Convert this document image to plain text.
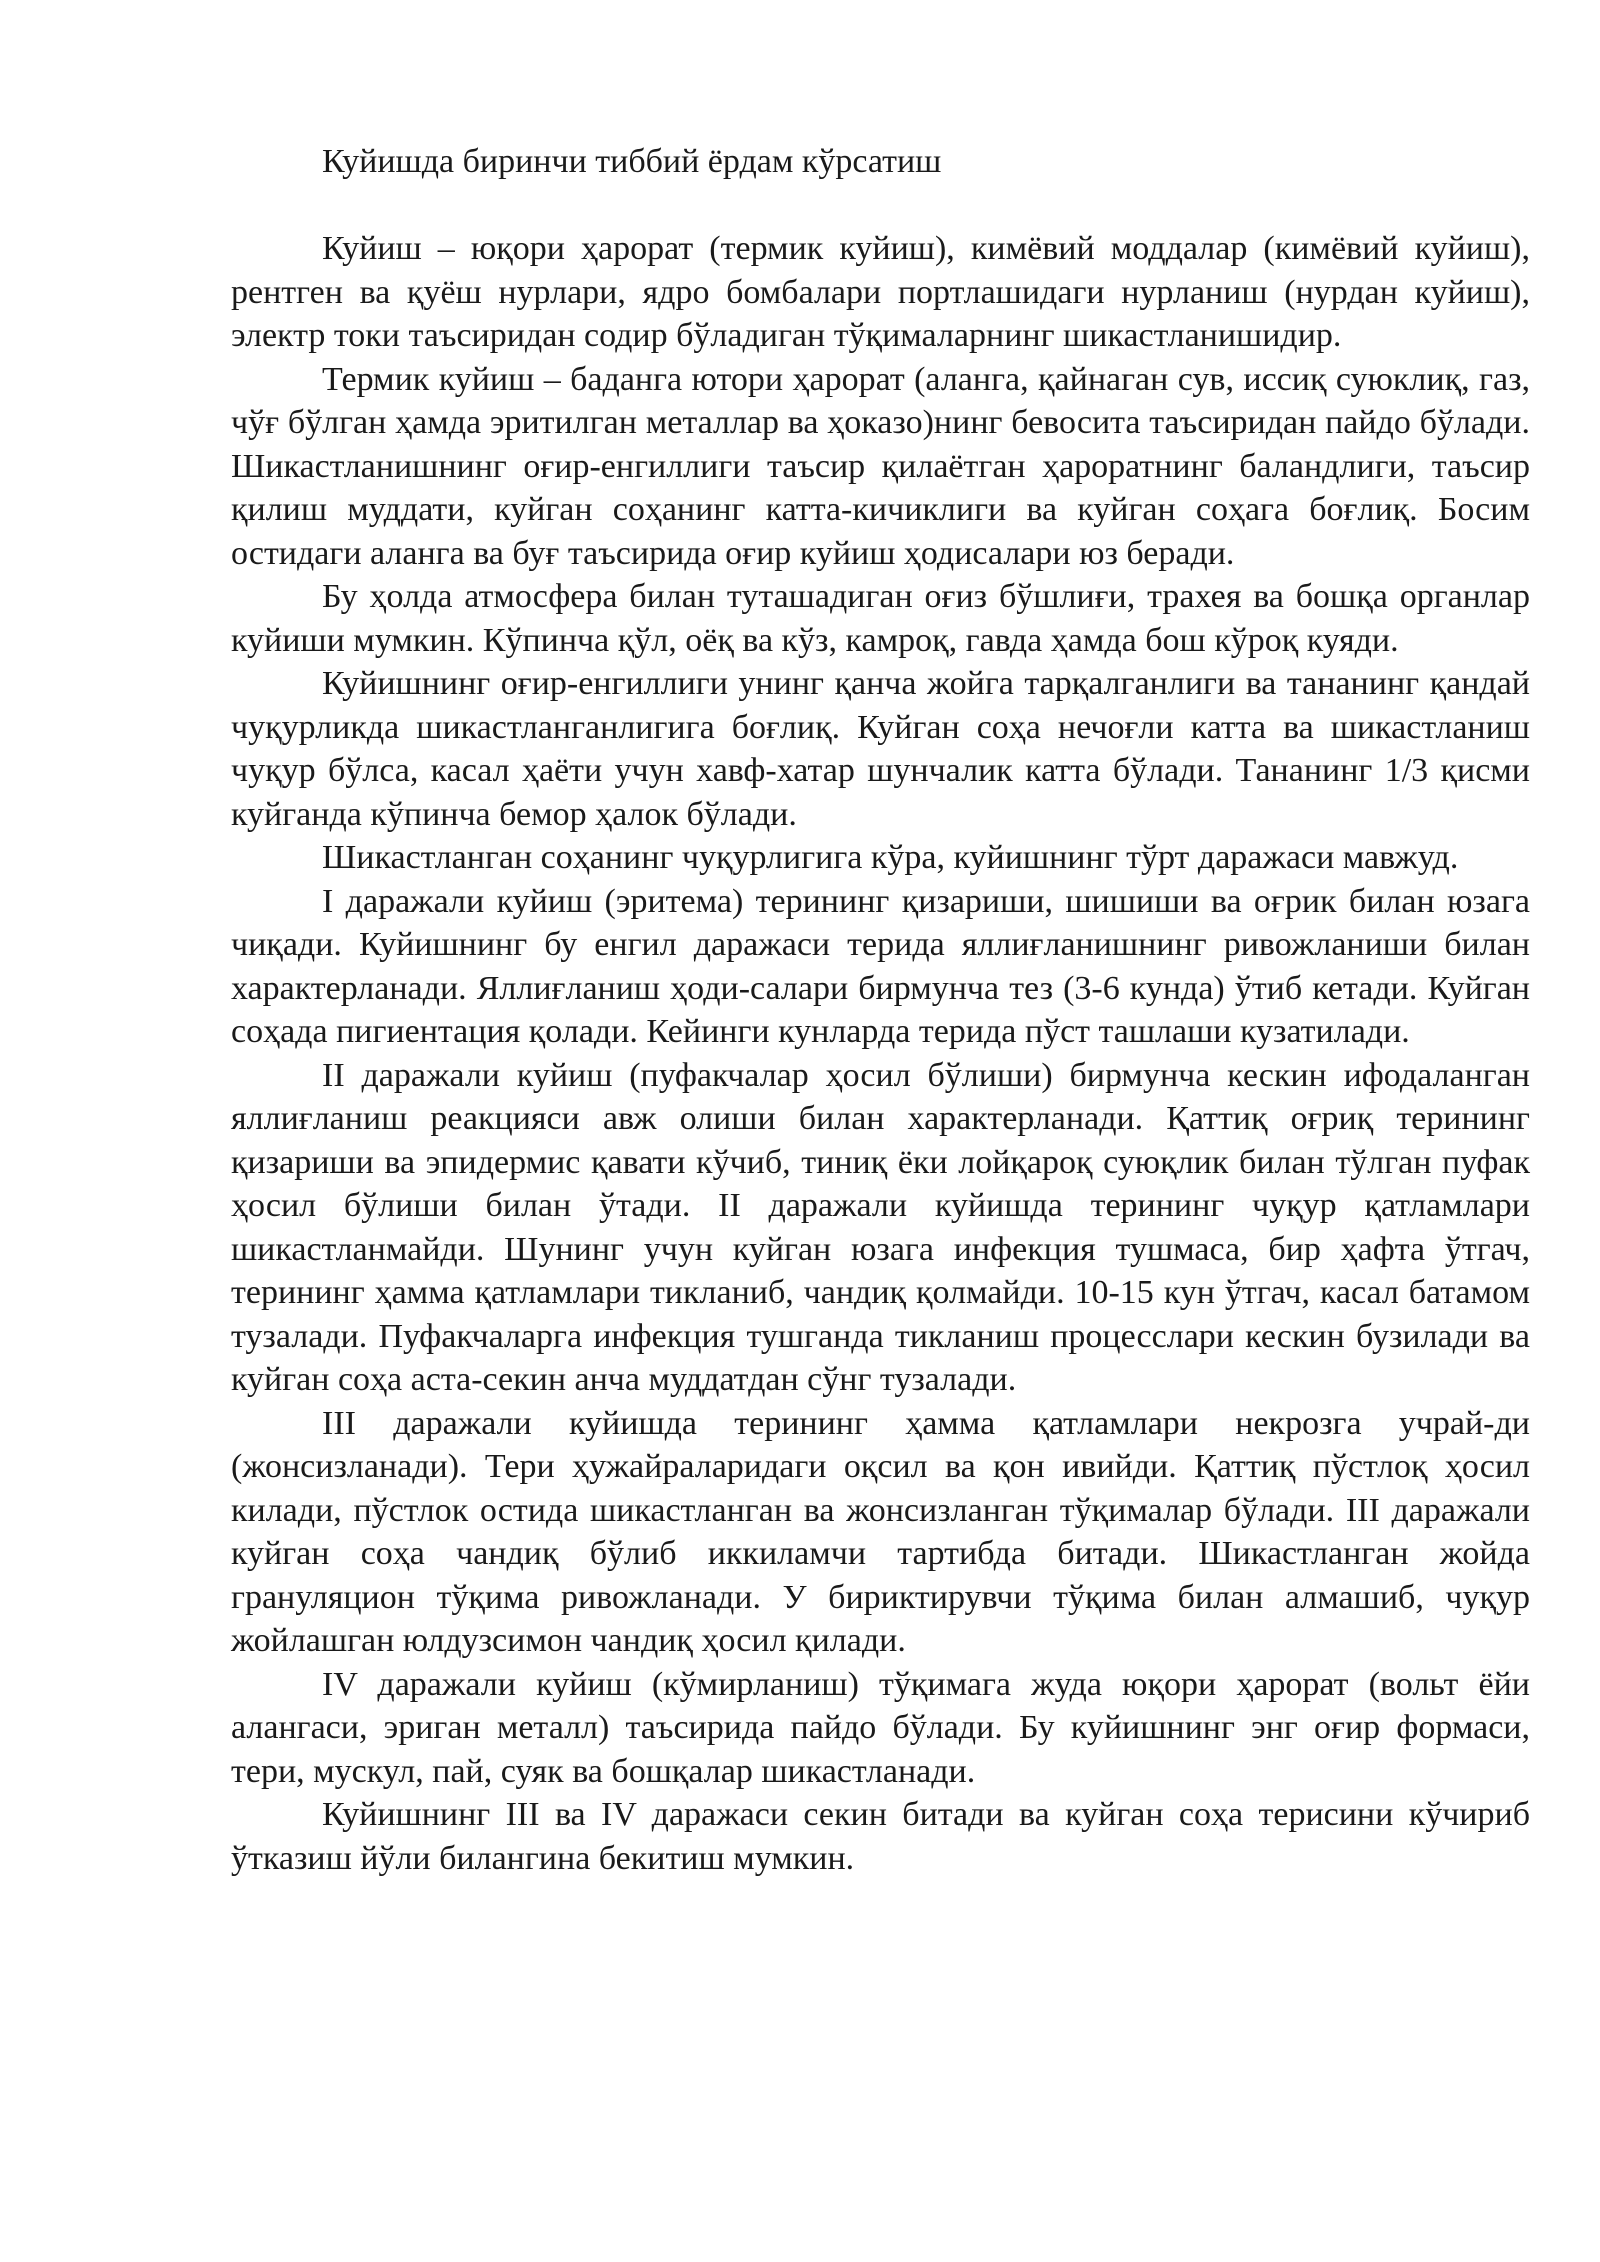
Куйишда биринчи тиббий ёрдам кўрсатиш

Куйиш – юқори ҳарорат (термик куйиш), кимёвий моддалар (кимёвий куйиш), рентген ва қуёш нурлари, ядро бомбалари портлашидаги нурланиш (нурдан куйиш), электр токи таъсиридан содир бўладиган тўқималарнинг шикастланишидир.

Термик куйиш – баданга ютори ҳарорат (аланга, қайнаган сув, иссиқ суюклиқ, газ, чўғ бўлган ҳамда эритилган металлар ва ҳоказо)нинг бевосита таъсиридан пайдо бўлади. Шикастланишнинг оғир-енгиллиги таъсир қилаётган ҳароратнинг баландлиги, таъсир қилиш муддати, куйган соҳанинг катта-кичиклиги ва куйган соҳага боғлиқ. Босим остидаги аланга ва буғ таъсирида оғир куйиш ҳодисалари юз беради.

Бу ҳолда атмосфера билан туташадиган оғиз бўшлиғи, трахея ва бошқа органлар куйиши мумкин. Кўпинча қўл, оёқ ва кўз, камроқ, гавда ҳамда бош кўроқ куяди.

Куйишнинг оғир-енгиллиги унинг қанча жойга тарқалганлиги ва тананинг қандай чуқурликда шикастланганлигига боғлиқ. Куйган соҳа нечоғли катта ва шикастланиш чуқур бўлса, касал ҳаёти учун хавф-хатар шунчалик катта бўлади. Тананинг 1/3 қисми куйганда кўпинча бемор ҳалок бўлади.

Шикастланган соҳанинг чуқурлигига кўра, куйишнинг тўрт даражаси мавжуд.

I даражали куйиш (эритема) терининг қизариши, шишиши ва оғрик билан юзага чиқади. Куйишнинг бу енгил даражаси терида яллиғланишнинг ривожланиши билан характерланади. Яллиғланиш ҳоди-салари бирмунча тез (3-6 кунда) ўтиб кетади. Куйган соҳада пигиентация қолади. Кейинги кунларда терида пўст ташлаши кузатилади.

II даражали куйиш (пуфакчалар ҳосил бўлиши) бирмунча кескин ифодаланган яллиғланиш реакцияси авж олиши билан характерланади. Қаттиқ оғриқ терининг қизариши ва эпидермис қавати кўчиб, тиниқ ёки лойқароқ суюқлик билан тўлган пуфак ҳосил бўлиши билан ўтади. II даражали куйишда терининг чуқур қатламлари шикастланмайди. Шунинг учун куйган юзага инфекция тушмаса, бир ҳафта ўтгач, терининг ҳамма қатламлари тикланиб, чандиқ қолмайди. 10-15 кун ўтгач, касал батамом тузалади. Пуфакчаларга инфекция тушганда тикланиш процесслари кескин бузилади ва куйган соҳа аста-секин анча муддатдан сўнг тузалади.

III даражали куйишда терининг ҳамма қатламлари некрозга учрай-ди (жонсизланади). Тери ҳужайраларидаги оқсил ва қон ивийди. Қаттиқ пўстлоқ ҳосил килади, пўстлок остида шикастланган ва жонсизланган тўқималар бўлади. III даражали куйган соҳа чандиқ бўлиб иккиламчи тартибда битади. Шикастланган жойда грануляцион тўқима ривожланади. У бириктирувчи тўқима билан алмашиб, чуқур жойлашган юлдузсимон чандиқ ҳосил қилади.

IV даражали куйиш (кўмирланиш) тўқимага жуда юқори ҳарорат (вольт ёйи алангаси, эриган металл) таъсирида пайдо бўлади. Бу куйишнинг энг оғир формаси, тери, мускул, пай, суяк ва бошқалар шикастланади.

Куйишнинг III ва IV даражаси секин битади ва куйган соҳа терисини кўчириб ўтказиш йўли билангина бекитиш мумкин.
